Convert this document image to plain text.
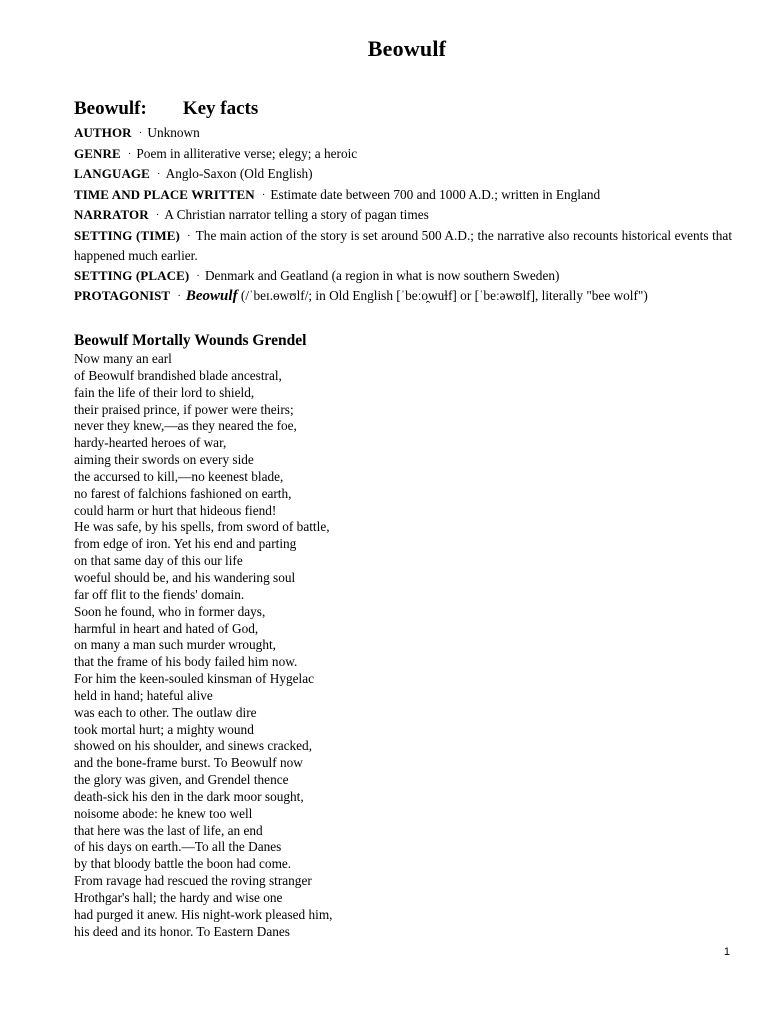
Beowulf
Beowulf: Key facts

AUTHOR · Unknown

GENRE · Poem in alliterative verse; elegy; a heroic

LANGUAGE · Anglo-Saxon (Old English)

TIME AND PLACE WRITTEN · Estimate date between 700 and 1000 A.D.; written in England

NARRATOR · A Christian narrator telling a story of pagan times

SETTING (TIME) · The main action of the story is set around 500 A.D.; the narrative also recounts historical events that happened much earlier.

SETTING (PLACE) · Denmark and Geatland (a region in what is now southern Sweden)

PROTAGONIST · Beowulf (/ˈbeɪ.ɵwʊlf/; in Old English [ˈbeːo̯wuɫf] or [ˈbeːəwʊlf], literally "bee wolf")

Beowulf Mortally Wounds Grendel

Now many an earl

of Beowulf brandished blade ancestral,

fain the life of their lord to shield,

their praised prince, if power were theirs;

never they knew,—as they neared the foe,

hardy-hearted heroes of war,

aiming their swords on every side

the accursed to kill,—no keenest blade,

no farest of falchions fashioned on earth,

could harm or hurt that hideous fiend!

He was safe, by his spells, from sword of battle,

from edge of iron. Yet his end and parting

on that same day of this our life

woeful should be, and his wandering soul

far off flit to the fiends' domain.

Soon he found, who in former days,

harmful in heart and hated of God,

on many a man such murder wrought,

that the frame of his body failed him now.

For him the keen-souled kinsman of Hygelac

held in hand; hateful alive

was each to other. The outlaw dire

took mortal hurt; a mighty wound

showed on his shoulder, and sinews cracked,

and the bone-frame burst. To Beowulf now

the glory was given, and Grendel thence

death-sick his den in the dark moor sought,

noisome abode: he knew too well

that here was the last of life, an end

of his days on earth.—To all the Danes

by that bloody battle the boon had come.

From ravage had rescued the roving stranger

Hrothgar's hall; the hardy and wise one

had purged it anew. His night-work pleased him,

his deed and its honor. To Eastern Danes

1
